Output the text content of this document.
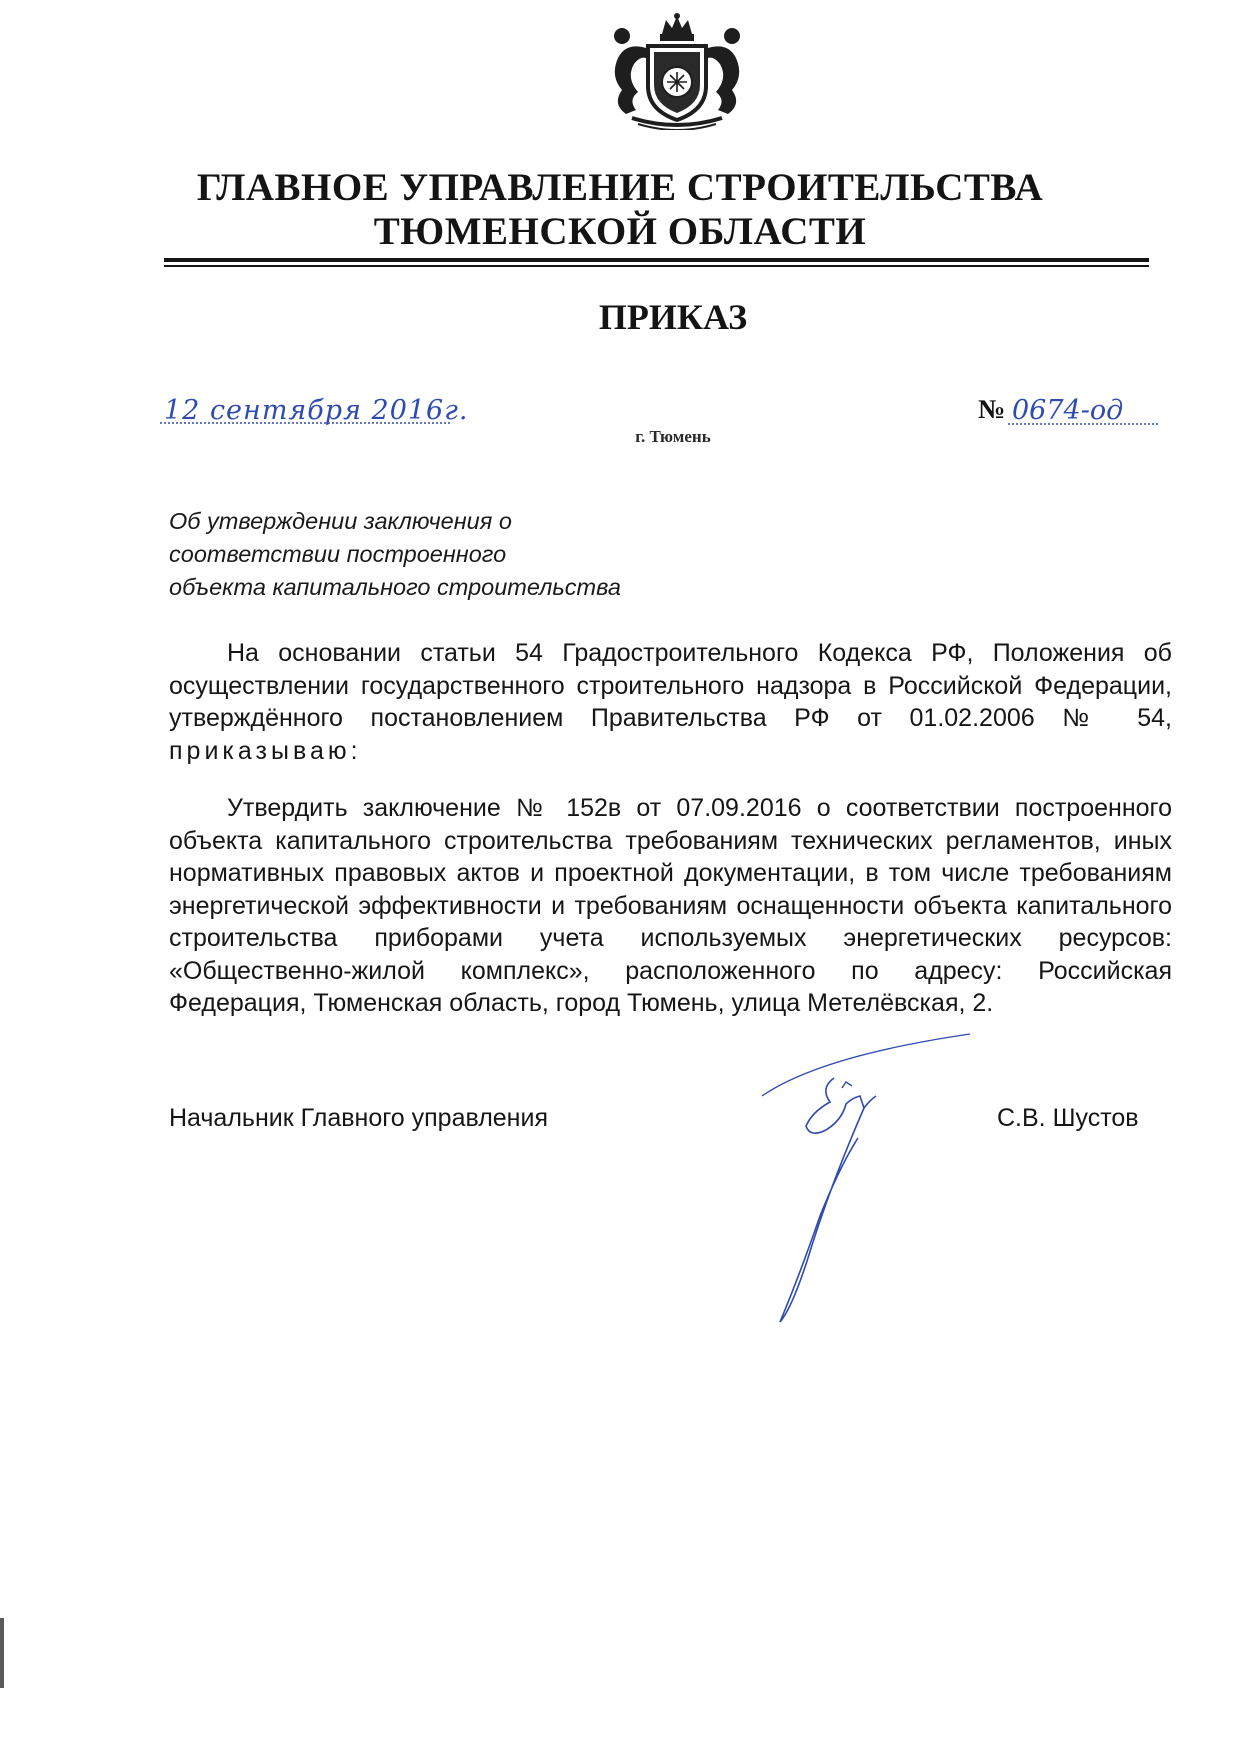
ГЛАВНОЕ УПРАВЛЕНИЕ СТРОИТЕЛЬСТВА
ТЮМЕНСКОЙ ОБЛАСТИ
ПРИКАЗ
12 сентября 2016г.	№ 0674-од
г. Тюмень
Об утверждении заключения о
соответствии построенного
объекта капитального строительства
На основании статьи 54 Градостроительного Кодекса РФ, Положения об осуществлении государственного строительного надзора в Российской Федерации, утверждённого постановлением Правительства РФ от 01.02.2006 № 54, приказываю:
Утвердить заключение № 152в от 07.09.2016 о соответствии построенного объекта капитального строительства требованиям технических регламентов, иных нормативных правовых актов и проектной документации, в том числе требованиям энергетической эффективности и требованиям оснащенности объекта капитального строительства приборами учета используемых энергетических ресурсов: «Общественно-жилой комплекс», расположенного по адресу: Российская Федерация, Тюменская область, город Тюмень, улица Метелёвская, 2.
Начальник Главного управления	С.В. Шустов
